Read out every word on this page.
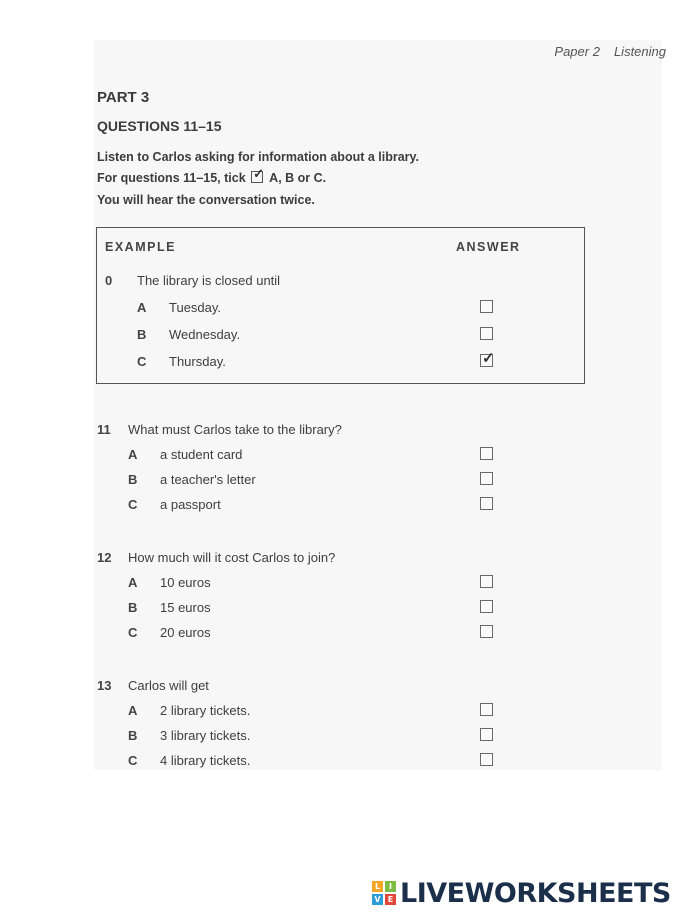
Paper 2 Listening
PART 3
QUESTIONS 11–15
Listen to Carlos asking for information about a library.
For questions 11–15, tick ✓ A, B or C.
You will hear the conversation twice.
EXAMPLE	ANSWER
0 The library is closed until
A Tuesday.
B Wednesday.
C Thursday.	✓
11 What must Carlos take to the library?
A a student card
B a teacher's letter
C a passport
12 How much will it cost Carlos to join?
A 10 euros
B 15 euros
C 20 euros
13 Carlos will get
A 2 library tickets.
B 3 library tickets.
C 4 library tickets.
L	I
V E LIVEWORKSHEETS
